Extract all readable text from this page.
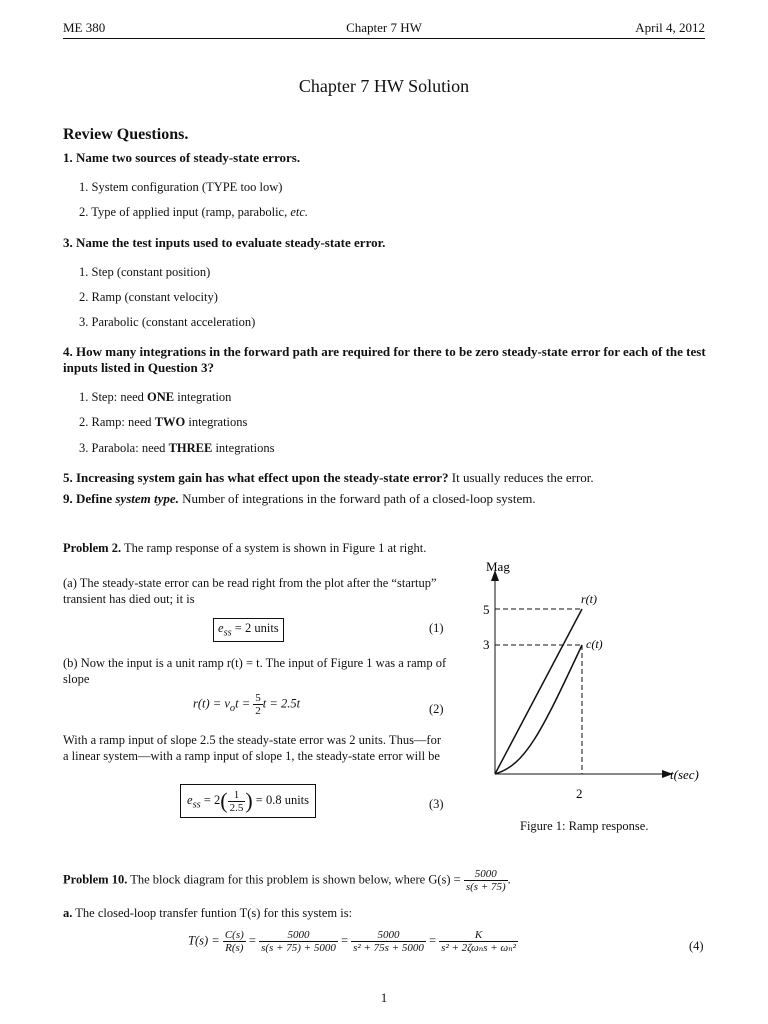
ME 380	Chapter 7 HW	April 4, 2012
Chapter 7 HW Solution
Review Questions.
1. Name two sources of steady-state errors.
1. System configuration (TYPE too low)
2. Type of applied input (ramp, parabolic, etc.
3. Name the test inputs used to evaluate steady-state error.
1. Step (constant position)
2. Ramp (constant velocity)
3. Parabolic (constant acceleration)
4. How many integrations in the forward path are required for there to be zero steady-state error for each of the test inputs listed in Question 3?
1. Step: need ONE integration
2. Ramp: need TWO integrations
3. Parabola: need THREE integrations
5. Increasing system gain has what effect upon the steady-state error? It usually reduces the error.
9. Define system type. Number of integrations in the forward path of a closed-loop system.
Problem 2. The ramp response of a system is shown in Figure 1 at right.
(a) The steady-state error can be read right from the plot after the “startup” transient has died out; it is
$e_{ss} = 2$ units	(1)
(b) Now the input is a unit ramp r(t) = t. The input of Figure 1 was a ramp of slope
$r(t) = v_ot = \frac{5}{2}$ t = 2.5t	(2)
With a ramp input of slope 2.5 the steady-state error was 2 units. Thus—for a linear system—with a ramp input of slope 1, the steady-state error will be
$e_{ss} = 2( \frac{1}{2.5}$ ) = 0.8 units	(3)
Mag
5
3
2
t(sec)
r(t)
c(t)
Figure 1: Ramp response.
Problem 10. The block diagram for this problem is shown below, where $G(s) = \frac{5000}{s(s + 75)}$ .
a. The closed-loop transfer funtion T(s) for this system is:
$T(s) = \frac{C(s)}{R(s)} = \frac{5000}{s(s + 75) + 5000} = \frac{5000}{\text{s² + 75s + 5000}} = \frac{K}{\text{s² + 2ζωₙs + ωₙ²}}$	(4)
1
